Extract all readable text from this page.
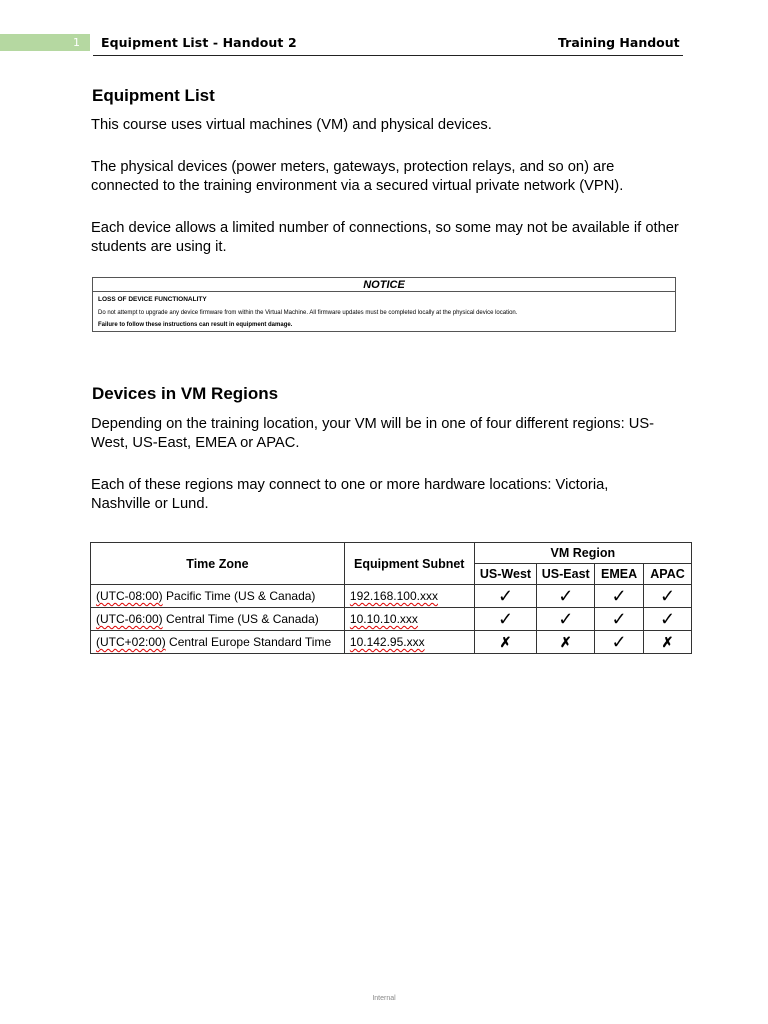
1	Equipment List - Handout 2	Training Handout
Equipment List
This course uses virtual machines (VM) and physical devices.
The physical devices (power meters, gateways, protection relays, and so on) are connected to the training environment via a secured virtual private network (VPN).
Each device allows a limited number of connections, so some may not be available if other students are using it.
NOTICE
LOSS OF DEVICE FUNCTIONALITY
Do not attempt to upgrade any device firmware from within the Virtual Machine. All firmware updates must be completed locally at the physical device location.
Failure to follow these instructions can result in equipment damage.
Devices in VM Regions
Depending on the training location, your VM will be in one of four different regions: US-West, US-East, EMEA or APAC.
Each of these regions may connect to one or more hardware locations: Victoria, Nashville or Lund.
Time Zone	Equipment Subnet	VM Region			
		US-West	US-East	EMEA	APAC
(UTC-08:00) Pacific Time (US & Canada)	192.168.100.xxx	✓	✓	✓	✓
(UTC-06:00) Central Time (US & Canada)	10.10.10.xxx	✓	✓	✓	✓
(UTC+02:00) Central Europe Standard Time	10.142.95.xxx	✗	✗	✓	✗
Internal
